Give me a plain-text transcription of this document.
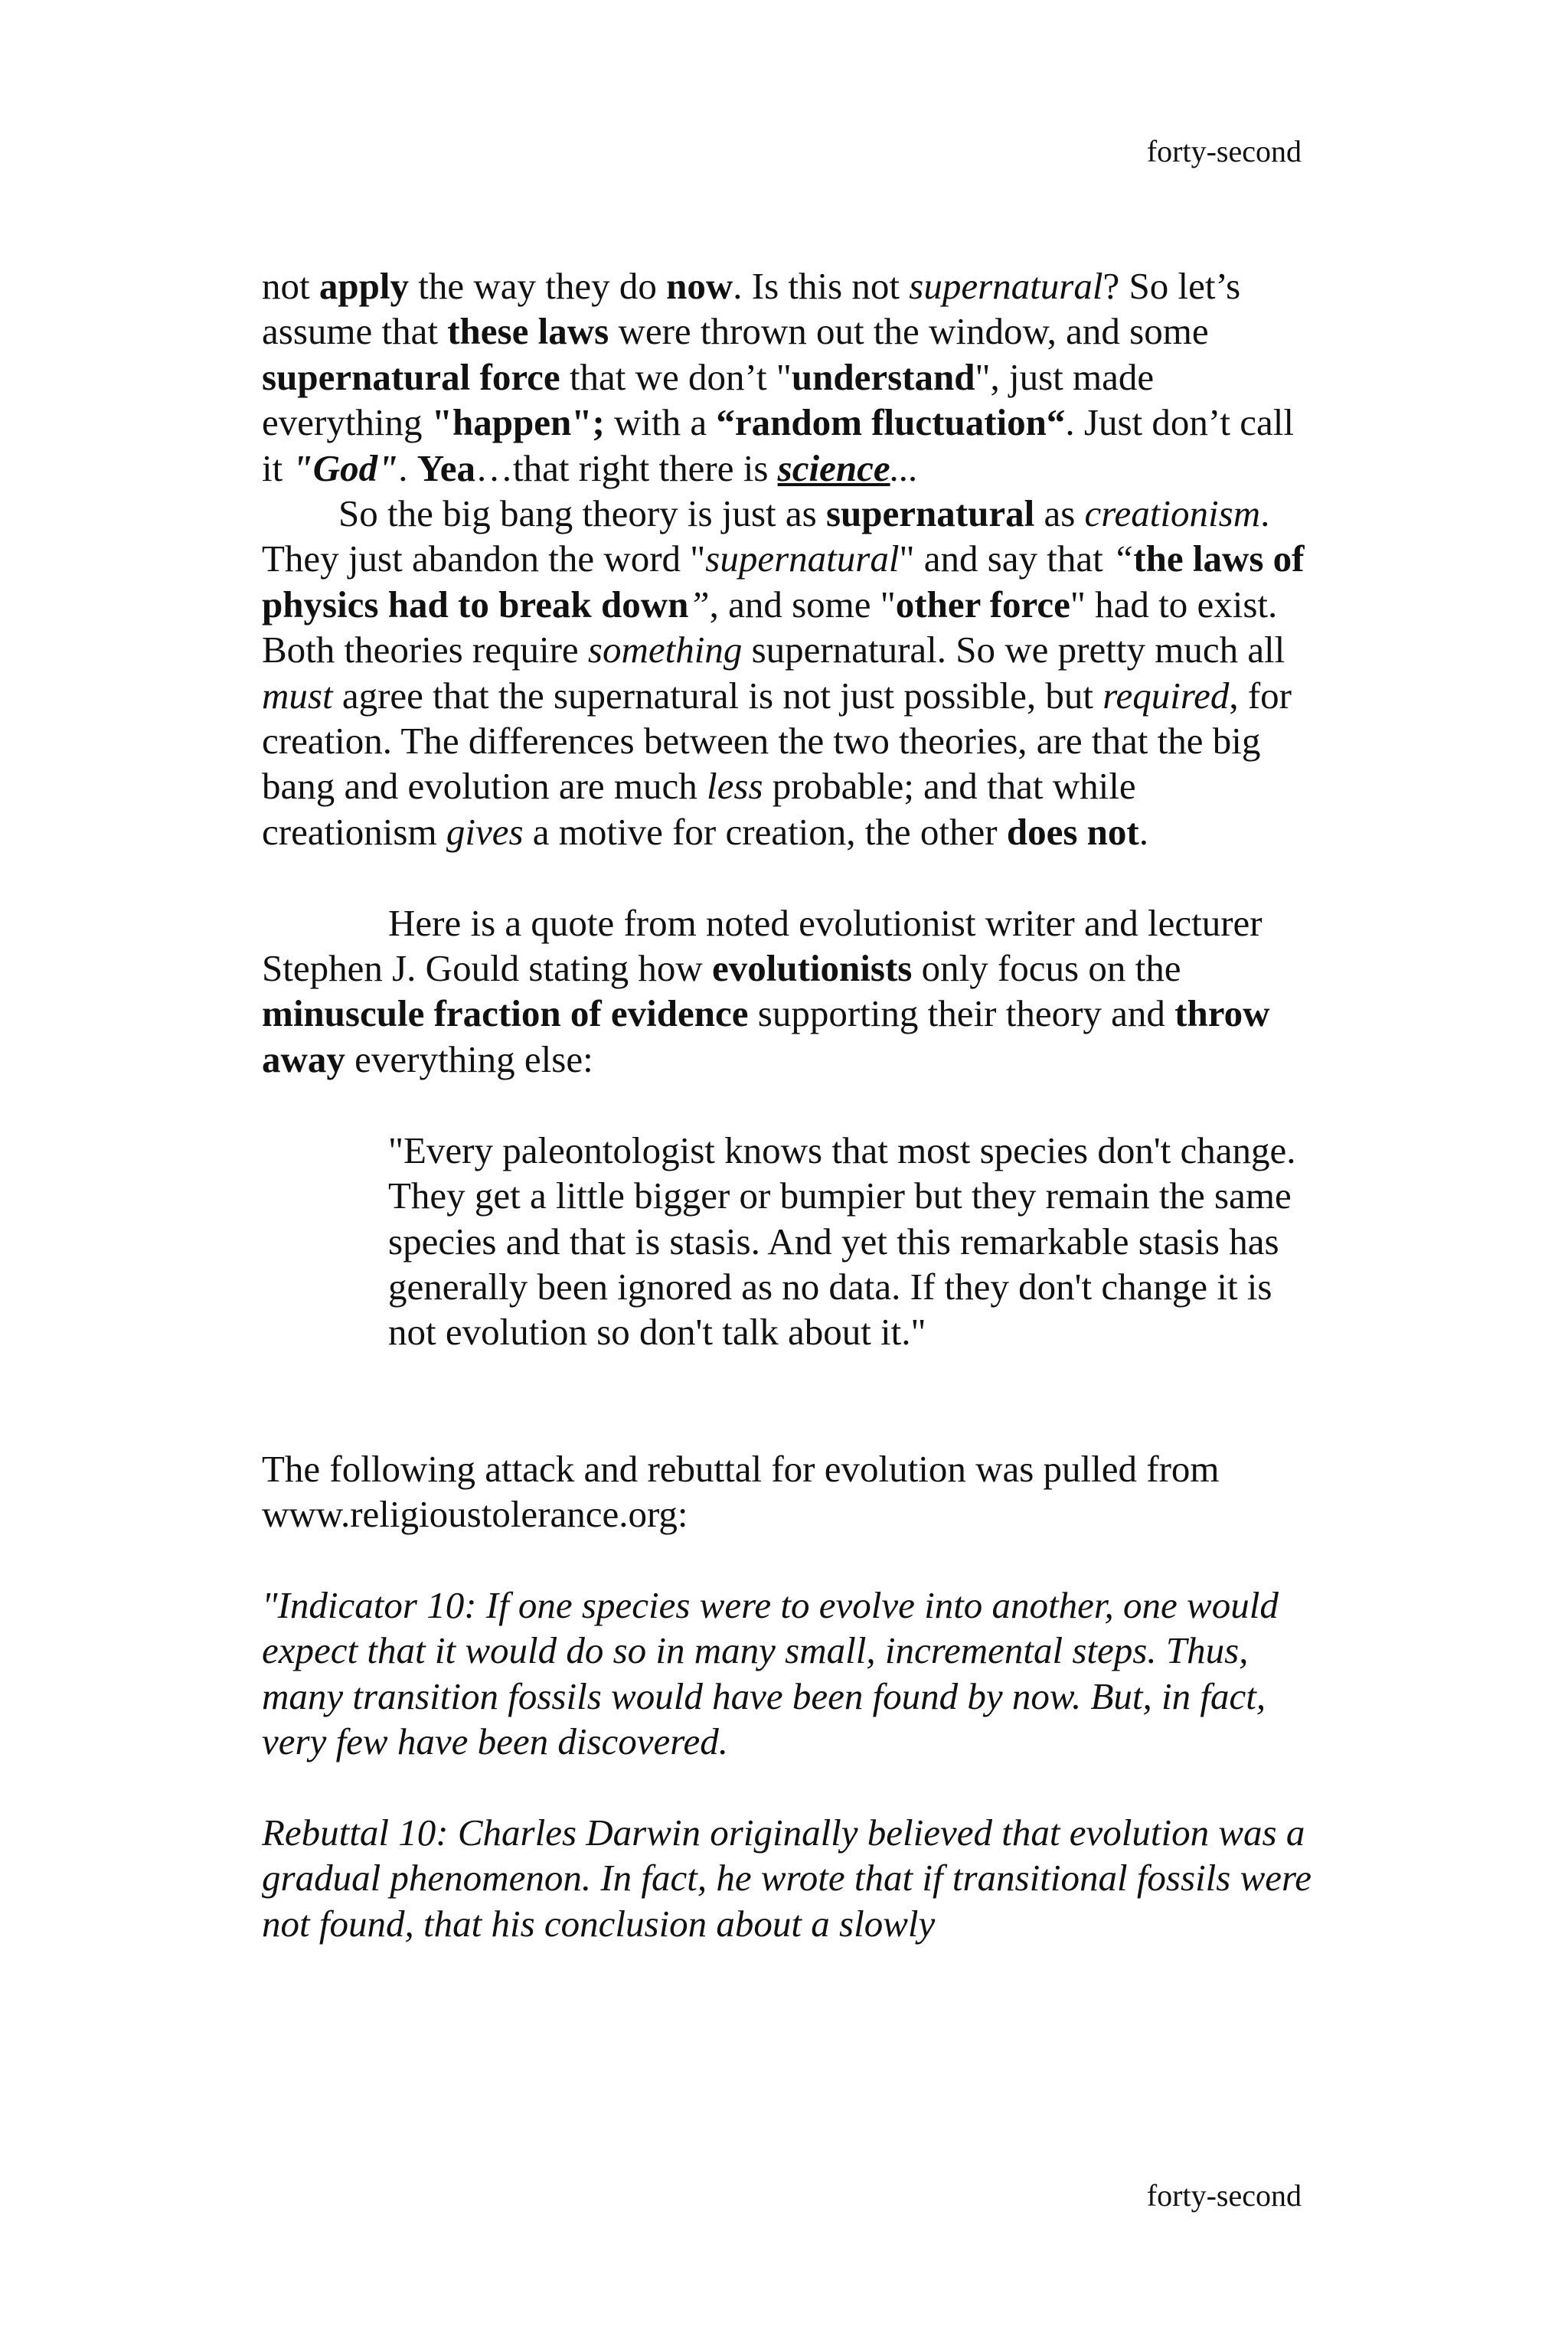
forty-second

not apply the way they do now. Is this not supernatural? So let’s assume that these laws were thrown out the window, and some supernatural force that we don’t "understand", just made everything "happen"; with a “random fluctuation“. Just don’t call it "God". Yea…that right there is science...

So the big bang theory is just as supernatural as creationism. They just abandon the word "supernatural" and say that “the laws of physics had to break down”, and some "other force" had to exist. Both theories require something supernatural. So we pretty much all must agree that the supernatural is not just possible, but required, for creation. The differences between the two theories, are that the big bang and evolution are much less probable; and that while creationism gives a motive for creation, the other does not.

Here is a quote from noted evolutionist writer and lecturer Stephen J. Gould stating how evolutionists only focus on the minuscule fraction of evidence supporting their theory and throw away everything else:

"Every paleontologist knows that most species don't change. They get a little bigger or bumpier but they remain the same species and that is stasis. And yet this remarkable stasis has generally been ignored as no data. If they don't change it is not evolution so don't talk about it."

The following attack and rebuttal for evolution was pulled from www.religioustolerance.org:

"Indicator 10: If one species were to evolve into another, one would expect that it would do so in many small, incremental steps. Thus, many transition fossils would have been found by now. But, in fact, very few have been discovered.

Rebuttal 10: Charles Darwin originally believed that evolution was a gradual phenomenon. In fact, he wrote that if transitional fossils were not found, that his conclusion about a slowly

forty-second
